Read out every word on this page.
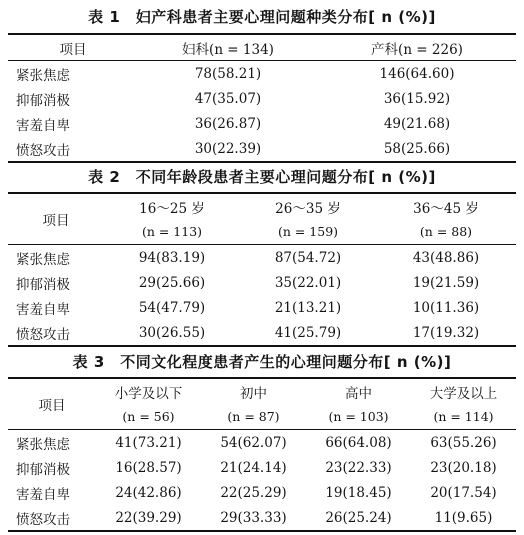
表 1　妇产科患者主要心理问题种类分布[ n (%)]
项目	妇科(n = 134)	产科(n = 226)
紧张焦虑	78(58.21)	146(64.60)
抑郁消极	47(35.07)	36(15.92)
害羞自卑	36(26.87)	49(21.68)
愤怒攻击	30(22.39)	58(25.66)
表 2　不同年龄段患者主要心理问题分布[ n (%)]
项目	16～25 岁	26～35 岁	36～45 岁
	(n = 113)	(n = 159)	(n = 88)
紧张焦虑	94(83.19)	87(54.72)	43(48.86)
抑郁消极	29(25.66)	35(22.01)	19(21.59)
害羞自卑	54(47.79)	21(13.21)	10(11.36)
愤怒攻击	30(26.55)	41(25.79)	17(19.32)
表 3　不同文化程度患者产生的心理问题分布[ n (%)]
项目	小学及以下	初中	高中	大学及以上
	(n = 56)	(n = 87)	(n = 103)	(n = 114)
紧张焦虑	41(73.21)	54(62.07)	66(64.08)	63(55.26)
抑郁消极	16(28.57)	21(24.14)	23(22.33)	23(20.18)
害羞自卑	24(42.86)	22(25.29)	19(18.45)	20(17.54)
愤怒攻击	22(39.29)	29(33.33)	26(25.24)	11(9.65)
